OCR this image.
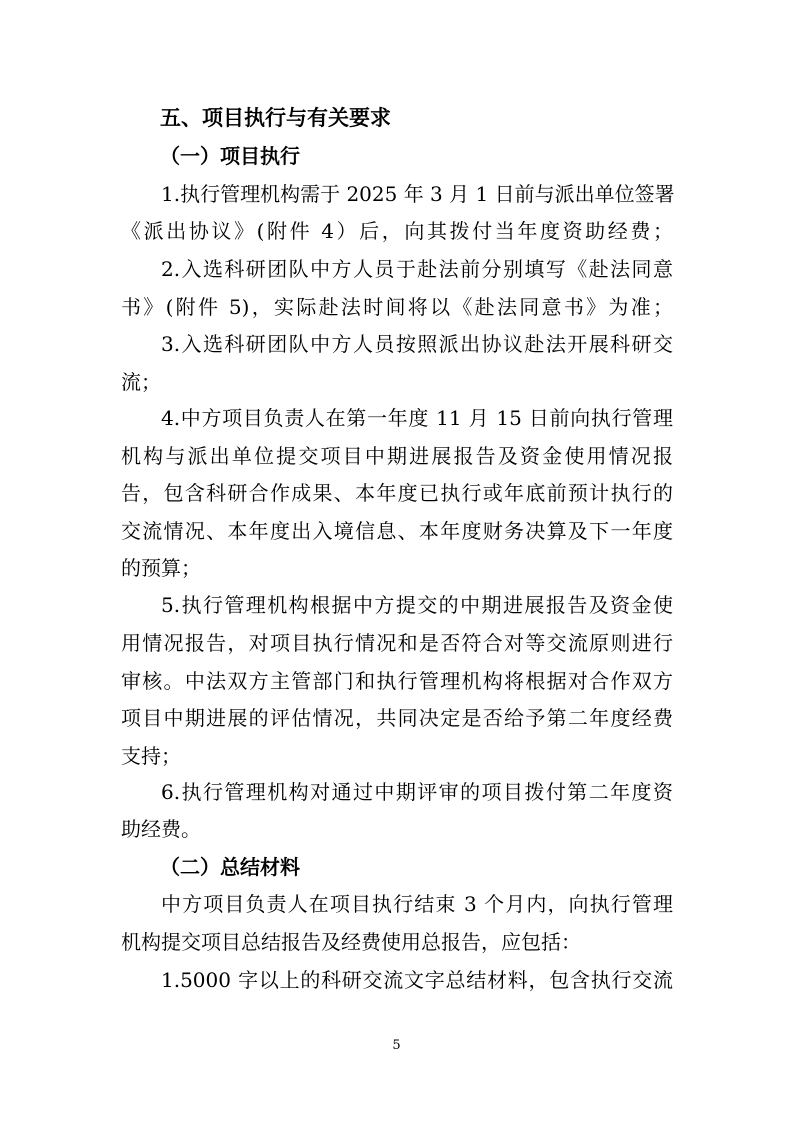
五、项目执行与有关要求
（一）项目执行
1.执行管理机构需于 2025 年 3 月 1 日前与派出单位签署
《派出协议》(附件 4）后，向其拨付当年度资助经费；
2.入选科研团队中方人员于赴法前分别填写《赴法同意
书》(附件 5)，实际赴法时间将以《赴法同意书》为准；
3.入选科研团队中方人员按照派出协议赴法开展科研交
流；
4.中方项目负责人在第一年度 11 月 15 日前向执行管理
机构与派出单位提交项目中期进展报告及资金使用情况报
告，包含科研合作成果、本年度已执行或年底前预计执行的
交流情况、本年度出入境信息、本年度财务决算及下一年度
的预算；
5.执行管理机构根据中方提交的中期进展报告及资金使
用情况报告，对项目执行情况和是否符合对等交流原则进行
审核。中法双方主管部门和执行管理机构将根据对合作双方
项目中期进展的评估情况，共同决定是否给予第二年度经费
支持；
6.执行管理机构对通过中期评审的项目拨付第二年度资
助经费。
（二）总结材料
中方项目负责人在项目执行结束 3 个月内，向执行管理
机构提交项目总结报告及经费使用总报告，应包括：
1.5000 字以上的科研交流文字总结材料，包含执行交流
5
